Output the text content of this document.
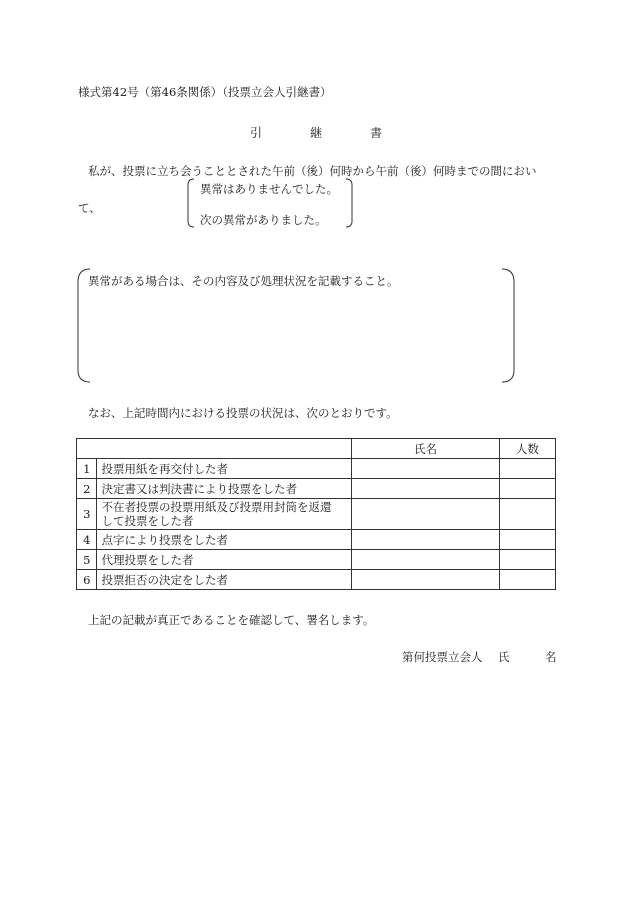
様式第42号（第46条関係）（投票立会人引継書）
引	継	書
私が、投票に立ち会うこととされた午前（後）何時から午前（後）何時までの間におい
て、
異常はありませんでした。
次の異常がありました。
異常がある場合は、その内容及び処理状況を記載すること。
なお、上記時間内における投票の状況は、次のとおりです。
		氏名	人数
1	投票用紙を再交付した者		
2	決定書又は判決書により投票をした者		
3	不在者投票の投票用紙及び投票用封筒を返還
して投票をした者		

4	点字により投票をした者		
5	代理投票をした者		
6	投票拒否の決定をした者		
上記の記載が真正であることを確認して、署名します。
第何投票立会人 氏	名
